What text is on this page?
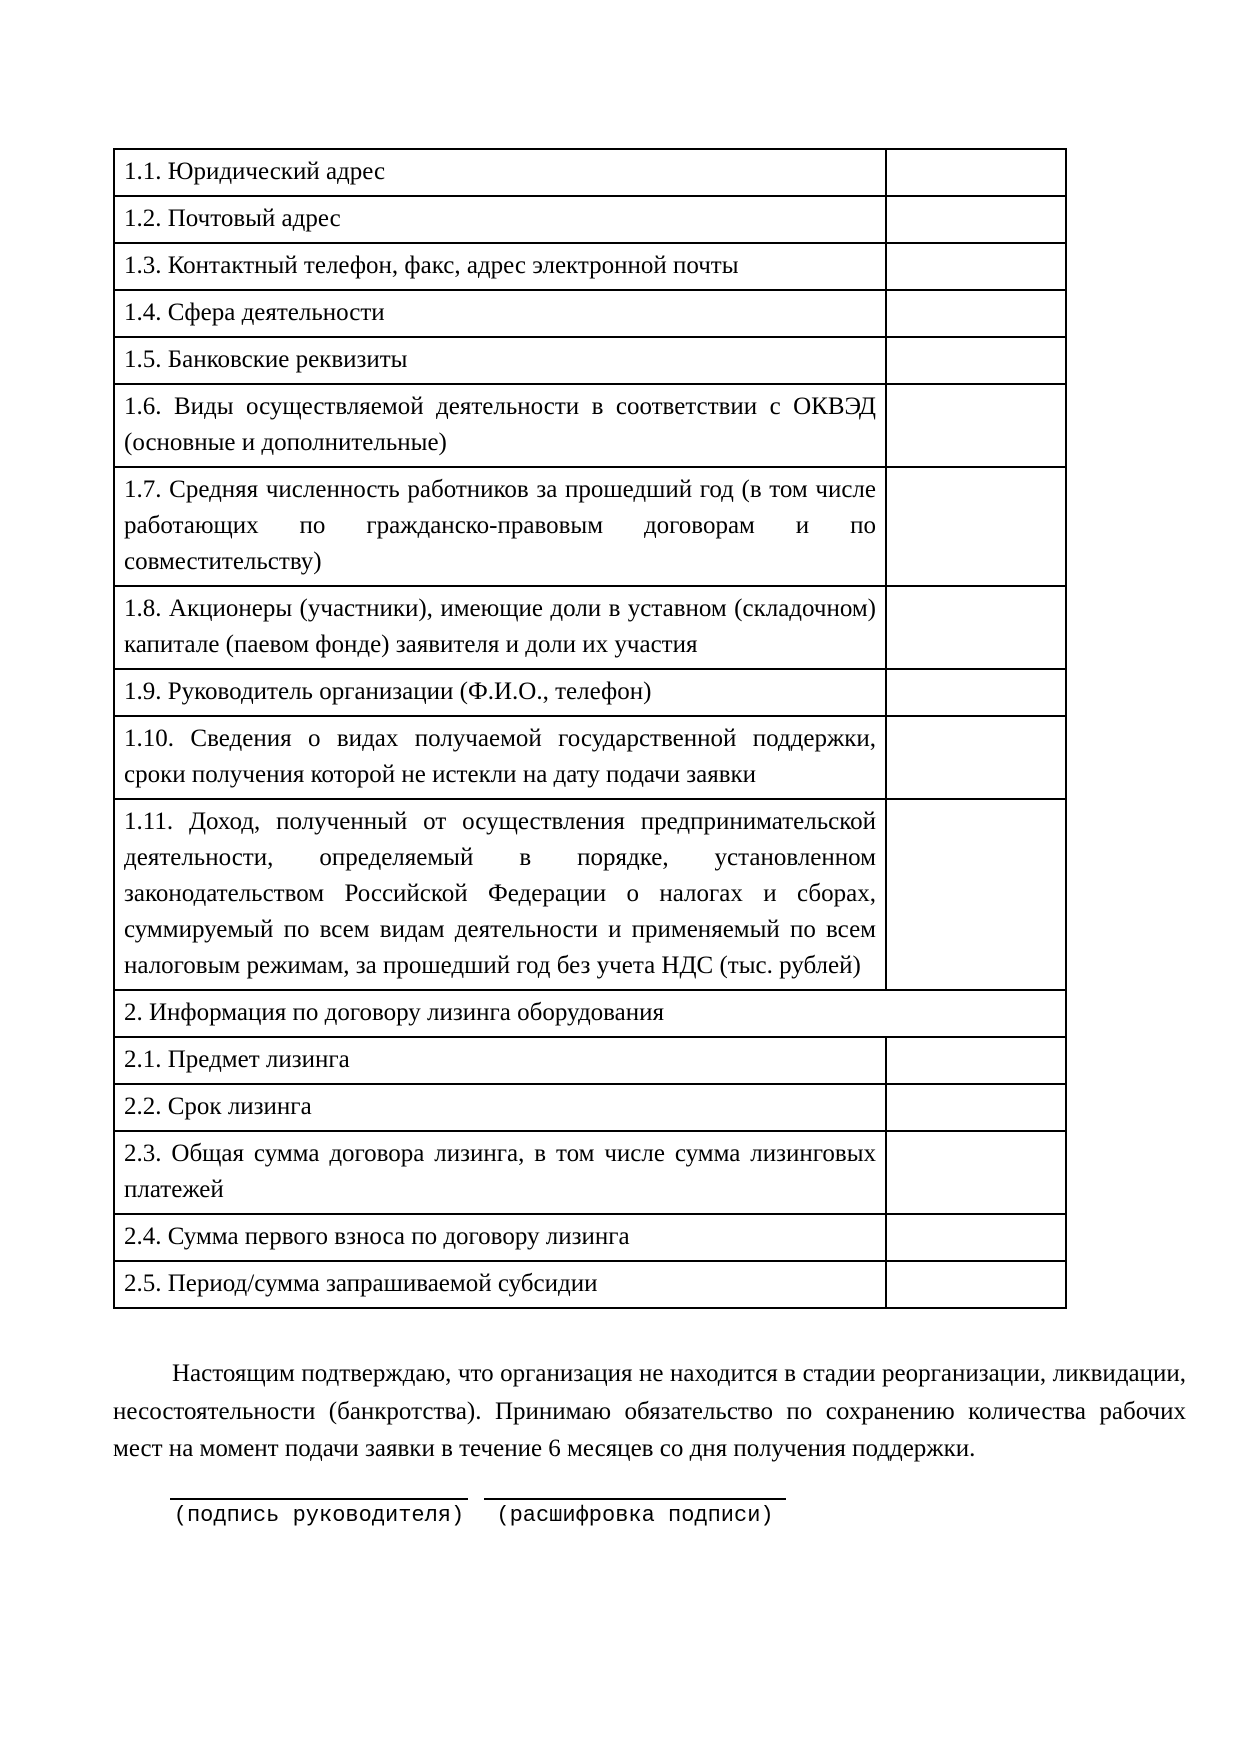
1.1. Юридический адрес	
1.2. Почтовый адрес	
1.3. Контактный телефон, факс, адрес электронной почты	
1.4. Сфера деятельности	
1.5. Банковские реквизиты	
1.6. Виды осуществляемой деятельности в соответствии с ОКВЭД (основные и дополнительные)	
1.7. Средняя численность работников за прошедший год (в том числе работающих по гражданско-правовым договорам и по совместительству)	
1.8. Акционеры (участники), имеющие доли в уставном (складочном) капитале (паевом фонде) заявителя и доли их участия	
1.9. Руководитель организации (Ф.И.О., телефон)	
1.10. Сведения о видах получаемой государственной поддержки, сроки получения которой не истекли на дату подачи заявки	
1.11. Доход, полученный от осуществления предпринимательской деятельности, определяемый в порядке, установленном законодательством Российской Федерации о налогах и сборах, суммируемый по всем видам деятельности и применяемый по всем налоговым режимам, за прошедший год без учета НДС (тыс. рублей)	
2. Информация по договору лизинга оборудования	
2.1. Предмет лизинга	
2.2. Срок лизинга	
2.3. Общая сумма договора лизинга, в том числе сумма лизинговых платежей	
2.4. Сумма первого взноса по договору лизинга	
2.5. Период/сумма запрашиваемой субсидии	

Настоящим подтверждаю, что организация не находится в стадии реорганизации, ликвидации, несостоятельности (банкротства). Принимаю обязательство по сохранению количества рабочих мест на момент подачи заявки в течение 6 месяцев со дня получения поддержки.

(подпись руководителя)	(расшифровка подписи)
